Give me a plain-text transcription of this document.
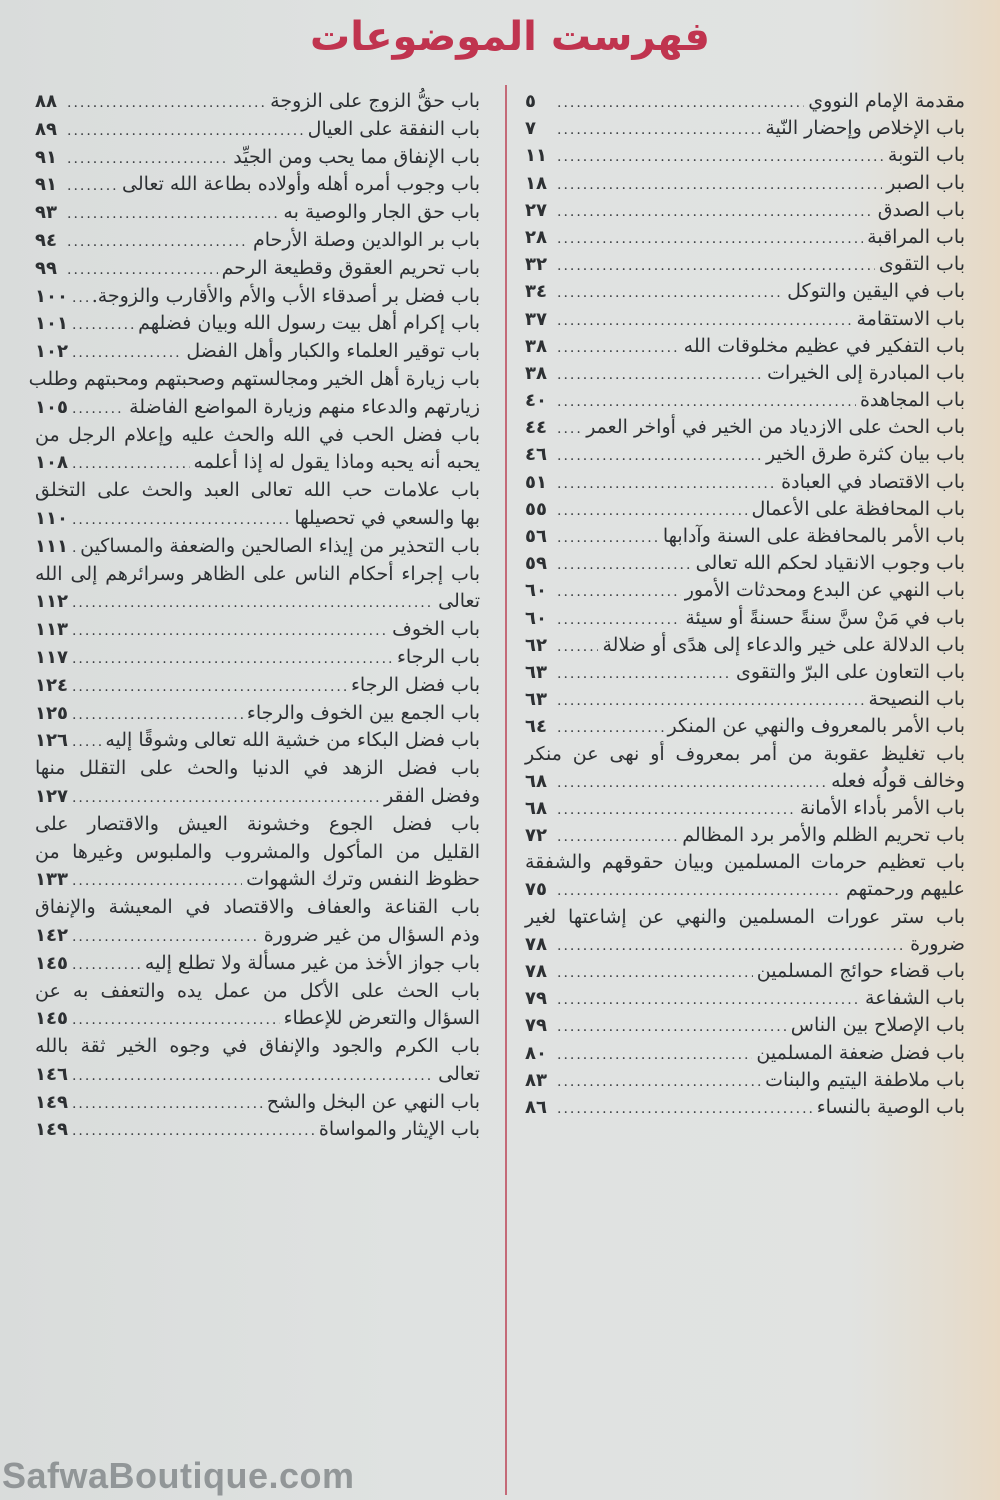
فهرست الموضوعات
مقدمة الإمام النووي
.....
٥
باب الإخلاص وإحضار النّية
.....
٧
باب التوبة
.....
١١
باب الصبر
.....
١٨
باب الصدق
.....
٢٧
باب المراقبة
.....
٢٨
باب التقوى
.....
٣٢
باب في اليقين والتوكل
.....
٣٤
باب الاستقامة
.....
٣٧
باب التفكير في عظيم مخلوقات الله
.....
٣٨
باب المبادرة إلى الخيرات
.....
٣٨
باب المجاهدة
.....
٤٠
باب الحث على الازدياد من الخير في أواخر العمر
.....
٤٤
باب بيان كثرة طرق الخير
.....
٤٦
باب الاقتصاد في العبادة
.....
٥١
باب المحافظة على الأعمال
.....
٥٥
باب الأمر بالمحافظة على السنة وآدابها
.....
٥٦
باب وجوب الانقياد لحكم الله تعالى
.....
٥٩
باب النهي عن البدع ومحدثات الأمور
.....
٦٠
باب في مَنْ سنَّ سنةً حسنةً أو سيئة
.....
٦٠
باب الدلالة على خير والدعاء إلى هدًى أو ضلالة
.....
٦٢
باب التعاون على البرّ والتقوى
.....
٦٣
باب النصيحة
.....
٦٣
باب الأمر بالمعروف والنهي عن المنكر
.....
٦٤
باب تغليظ عقوبة من أمر بمعروف أو نهى عن منكر
وخالف قولُه فعله
.....
٦٨
باب الأمر بأداء الأمانة
.....
٦٨
باب تحريم الظلم والأمر برد المظالم
.....
٧٢
باب تعظيم حرمات المسلمين وبيان حقوقهم والشفقة
عليهم ورحمتهم
.....
٧٥
باب ستر عورات المسلمين والنهي عن إشاعتها لغير
ضرورة
.....
٧٨
باب قضاء حوائج المسلمين
.....
٧٨
باب الشفاعة
.....
٧٩
باب الإصلاح بين الناس
.....
٧٩
باب فضل ضعفة المسلمين
.....
٨٠
باب ملاطفة اليتيم والبنات
.....
٨٣
باب الوصية بالنساء
.....
٨٦
باب حقُّ الزوج على الزوجة
.....
٨٨
باب النفقة على العيال
.....
٨٩
باب الإنفاق مما يحب ومن الجيِّد
.....
٩١
باب وجوب أمره أهله وأولاده بطاعة الله تعالى
.....
٩١
باب حق الجار والوصية به
.....
٩٣
باب بر الوالدين وصلة الأرحام
.....
٩٤
باب تحريم العقوق وقطيعة الرحم
.....
٩٩
باب فضل بر أصدقاء الأب والأم والأقارب والزوجة.
.....
١٠٠
باب إكرام أهل بيت رسول الله وبيان فضلهم
.....
١٠١
باب توقير العلماء والكبار وأهل الفضل
.....
١٠٢
باب زيارة أهل الخير ومجالستهم وصحبتهم ومحبتهم وطلب
زيارتهم والدعاء منهم وزيارة المواضع الفاضلة
.....
١٠٥
باب فضل الحب في الله والحث عليه وإعلام الرجل من
يحبه أنه يحبه وماذا يقول له إذا أعلمه
.....
١٠٨
باب علامات حب الله تعالى العبد والحث على التخلق
بها والسعي في تحصيلها
.....
١١٠
باب التحذير من إيذاء الصالحين والضعفة والمساكين
.....
١١١
باب إجراء أحكام الناس على الظاهر وسرائرهم إلى الله
تعالى
.....
١١٢
باب الخوف
.....
١١٣
باب الرجاء
.....
١١٧
باب فضل الرجاء
.....
١٢٤
باب الجمع بين الخوف والرجاء
.....
١٢٥
باب فضل البكاء من خشية الله تعالى وشوقًا إليه
.....
١٢٦
باب فضل الزهد في الدنيا والحث على التقلل منها
وفضل الفقر
.....
١٢٧
باب فضل الجوع وخشونة العيش والاقتصار على
القليل من المأكول والمشروب والملبوس وغيرها من
حظوظ النفس وترك الشهوات
.....
١٣٣
باب القناعة والعفاف والاقتصاد في المعيشة والإنفاق
وذم السؤال من غير ضرورة
.....
١٤٢
باب جواز الأخذ من غير مسألة ولا تطلع إليه
.....
١٤٥
باب الحث على الأكل من عمل يده والتعفف به عن
السؤال والتعرض للإعطاء
.....
١٤٥
باب الكرم والجود والإنفاق في وجوه الخير ثقة بالله
تعالى
.....
١٤٦
باب النهي عن البخل والشح
.....
١٤٩
باب الإيثار والمواساة
.....
١٤٩
SafwaBoutique.com
